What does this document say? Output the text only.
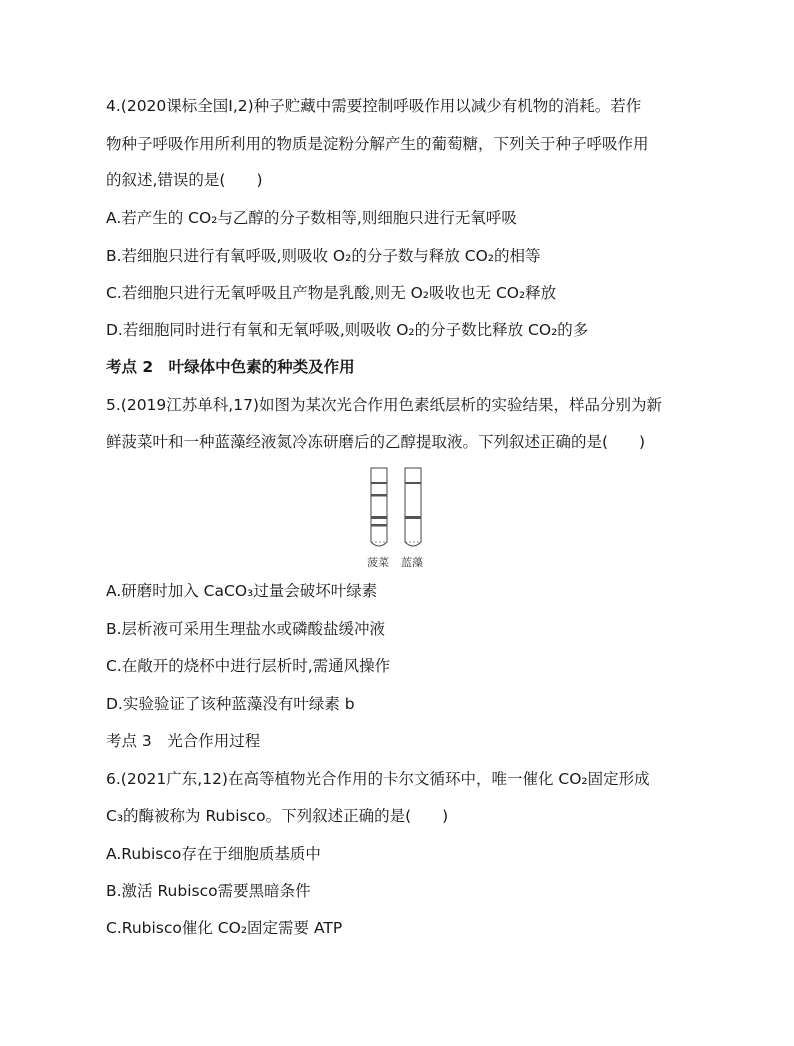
4.(2020课标全国Ⅰ,2)种子贮藏中需要控制呼吸作用以减少有机物的消耗。若作
物种子呼吸作用所利用的物质是淀粉分解产生的葡萄糖，下列关于种子呼吸作用
的叙述,错误的是(　　)
A.若产生的 CO₂与乙醇的分子数相等,则细胞只进行无氧呼吸
B.若细胞只进行有氧呼吸,则吸收 O₂的分子数与释放 CO₂的相等
C.若细胞只进行无氧呼吸且产物是乳酸,则无 O₂吸收也无 CO₂释放
D.若细胞同时进行有氧和无氧呼吸,则吸收 O₂的分子数比释放 CO₂的多
考点 2　叶绿体中色素的种类及作用
5.(2019江苏单科,17)如图为某次光合作用色素纸层析的实验结果，样品分别为新
鲜菠菜叶和一种蓝藻经液氮冷冻研磨后的乙醇提取液。下列叙述正确的是(　　)
菠菜 蓝藻
A.研磨时加入 CaCO₃过量会破坏叶绿素
B.层析液可采用生理盐水或磷酸盐缓冲液
C.在敞开的烧杯中进行层析时,需通风操作
D.实验验证了该种蓝藻没有叶绿素 b
考点 3　光合作用过程
6.(2021广东,12)在高等植物光合作用的卡尔文循环中，唯一催化 CO₂固定形成
C₃的酶被称为 Rubisco。下列叙述正确的是(　　)
A.Rubisco存在于细胞质基质中
B.激活 Rubisco需要黑暗条件
C.Rubisco催化 CO₂固定需要 ATP
